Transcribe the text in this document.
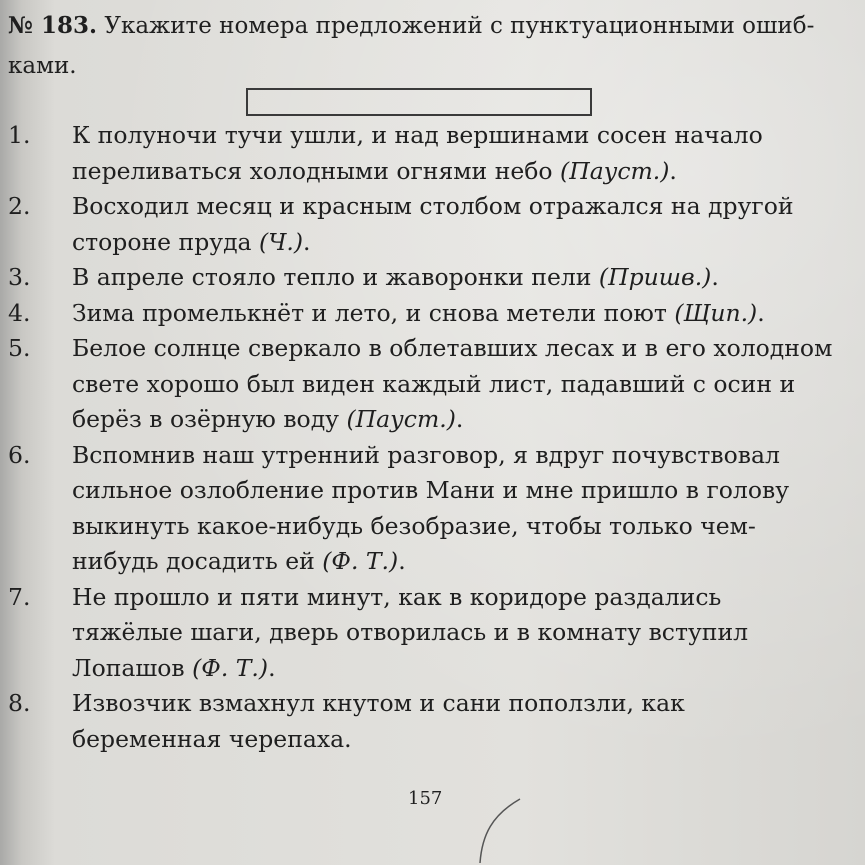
№ 183. Укажите номера предложений с пунктуационными ошиб-ками.
1.	К полуночи тучи ушли, и над вершинами сосен начало переливаться холодными огнями небо (Пауст.).
2.	Восходил месяц и красным столбом отражался на другой стороне пруда (Ч.).
3.	В апреле стояло тепло и жаворонки пели (Пришв.).
4.	Зима промелькнёт и лето, и снова метели поют (Щип.).
5.	Белое солнце сверкало в облетавших лесах и в его холодном свете хорошо был виден каждый лист, падавший с осин и берёз в озёрную воду (Пауст.).
6.	Вспомнив наш утренний разговор, я вдруг почувствовал сильное озлобление против Мани и мне пришло в голову выкинуть какое-нибудь безобразие, чтобы только чем-нибудь досадить ей (Ф. Т.).
7.	Не прошло и пяти минут, как в коридоре раздались тяжёлые шаги, дверь отворилась и в комнату вступил Лопашов (Ф. Т.).
8.	Извозчик взмахнул кнутом и сани поползли, как беременная черепаха.
157
